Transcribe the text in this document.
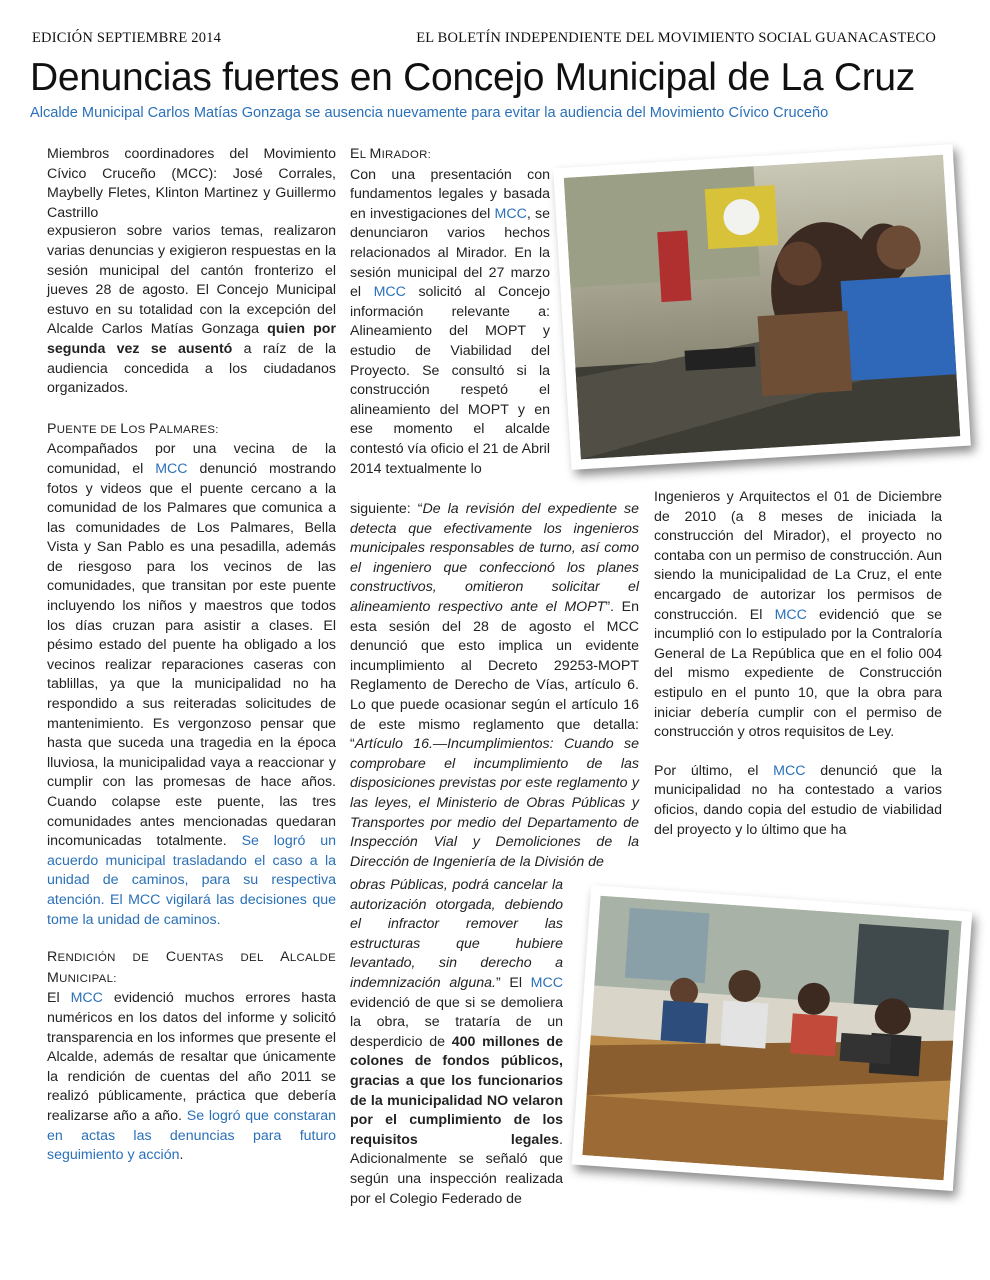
EDICIÓN SEPTIEMBRE 2014	EL BOLETÍN INDEPENDIENTE DEL MOVIMIENTO SOCIAL GUANACASTECO
Denuncias fuertes en Concejo Municipal de La Cruz
Alcalde Municipal Carlos Matías Gonzaga se ausencia nuevamente para evitar la audiencia del Movimiento Cívico Cruceño

Miembros coordinadores del Movimiento Cívico Cruceño (MCC): José Corrales, Maybelly Fletes, Klinton Martinez y Guillermo Castrillo

expusieron sobre varios temas, realizaron varias denuncias y exigieron respuestas en la sesión municipal del cantón fronterizo el jueves 28 de agosto. El Concejo Municipal estuvo en su totalidad con la excepción del Alcalde Carlos Matías Gonzaga quien por segunda vez se ausentó a raíz de la audiencia concedida a los ciudadanos organizados.

PUENTE DE LOS PALMARES:

Acompañados por una vecina de la comunidad, el MCC denunció mostrando fotos y videos que el puente cercano a la comunidad de los Palmares que comunica a las comunidades de Los Palmares, Bella Vista y San Pablo es una pesadilla, además de riesgoso para los vecinos de las comunidades, que transitan por este puente incluyendo los niños y maestros que todos los días cruzan para asistir a clases. El pésimo estado del puente ha obligado a los vecinos realizar reparaciones caseras con tablillas, ya que la municipalidad no ha respondido a sus reiteradas solicitudes de mantenimiento. Es vergonzoso pensar que hasta que suceda una tragedia en la época lluviosa, la municipalidad vaya a reaccionar y cumplir con las promesas de hace años. Cuando colapse este puente, las tres comunidades antes mencionadas quedaran incomunicadas totalmente. Se logró un acuerdo municipal trasladando el caso a la unidad de caminos, para su respectiva atención. El MCC vigilará las decisiones que tome la unidad de caminos.

RENDICIÓN DE CUENTAS DEL ALCALDE MUNICIPAL:

El MCC evidenció muchos errores hasta numéricos en los datos del informe y solicitó transparencia en los informes que presente el Alcalde, además de resaltar que únicamente la rendición de cuentas del año 2011 se realizó públicamente, práctica que debería realizarse año a año. Se logró que constaran en actas las denuncias para futuro seguimiento y acción.

EL MIRADOR:

Con una presentación con fundamentos legales y basada en investigaciones del MCC, se denunciaron varios hechos relacionados al Mirador. En la sesión municipal del 27 marzo el MCC solicitó al Concejo información relevante a: Alineamiento del MOPT y estudio de Viabilidad del Proyecto. Se consultó si la construcción respetó el alineamiento del MOPT y en ese momento el alcalde contestó vía oficio el 21 de Abril 2014 textualmente lo

siguiente: “De la revisión del expediente se detecta que efectivamente los ingenieros municipales responsables de turno, así como el ingeniero que confeccionó los planes constructivos, omitieron solicitar el alineamiento respectivo ante el MOPT”. En esta sesión del 28 de agosto el MCC denunció que esto implica un evidente incumplimiento al Decreto 29253-MOPT Reglamento de Derecho de Vías, artículo 6. Lo que puede ocasionar según el artículo 16 de este mismo reglamento que detalla: “Artículo 16.—Incumplimientos: Cuando se comprobare el incumplimiento de las disposiciones previstas por este reglamento y las leyes, el Ministerio de Obras Públicas y Transportes por medio del Departamento de Inspección Vial y Demoliciones de la Dirección de Ingeniería de la División de

obras Públicas, podrá cancelar la autorización otorgada, debiendo el infractor remover las estructuras que hubiere levantado, sin derecho a indemnización alguna.” El MCC evidenció de que si se demoliera la obra, se trataría de un desperdicio de 400 millones de colones de fondos públicos, gracias a que los funcionarios de la municipalidad NO velaron por el cumplimiento de los requisitos legales. Adicionalmente se señaló que según una inspección realizada por el Colegio Federado de

Ingenieros y Arquitectos el 01 de Diciembre de 2010 (a 8 meses de iniciada la construcción del Mirador), el proyecto no contaba con un permiso de construcción. Aun siendo la municipalidad de La Cruz, el ente encargado de autorizar los permisos de construcción. El MCC evidenció que se incumplió con lo estipulado por la Contraloría General de La República que en el folio 004 del mismo expediente de Construcción estipulo en el punto 10, que la obra para iniciar debería cumplir con el permiso de construcción y otros requisitos de Ley.

Por último, el MCC denunció que la municipalidad no ha contestado a varios oficios, dando copia del estudio de viabilidad del proyecto y lo último que ha
